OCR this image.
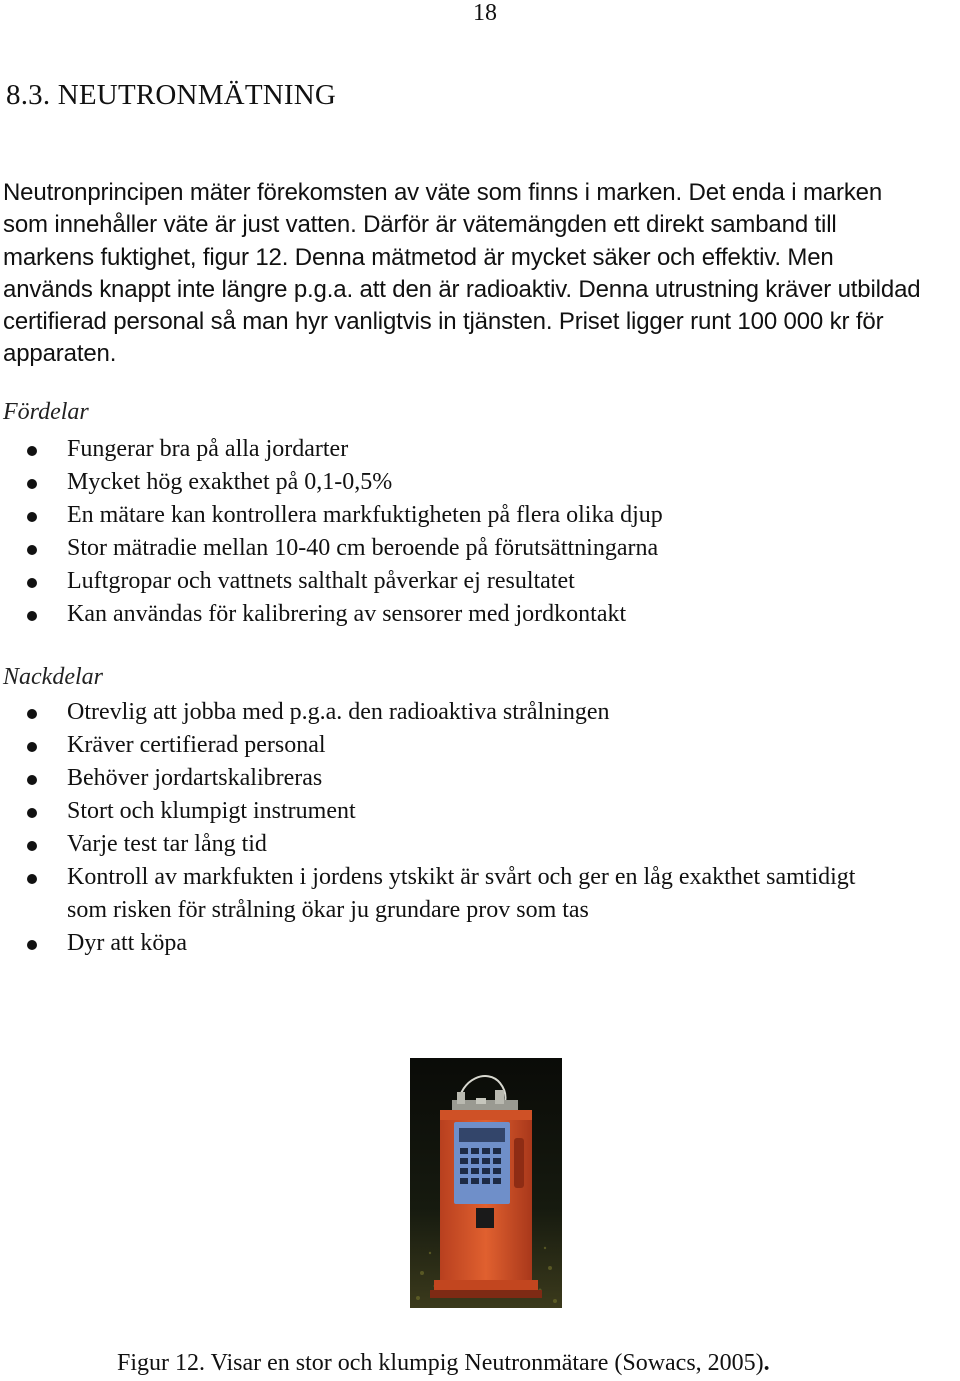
18
8.3. NEUTRONMÄTNING

Neutronprincipen mäter förekomsten av väte som finns i marken. Det enda i marken
som innehåller väte är just vatten. Därför är vätemängden ett direkt samband till
markens fuktighet, figur 12. Denna mätmetod är mycket säker och effektiv. Men
används knappt inte längre p.g.a. att den är radioaktiv. Denna utrustning kräver utbildad
certifierad personal så man hyr vanligtvis in tjänsten. Priset ligger runt 100 000 kr för
apparaten.

Fördelar
Fungerar bra på alla jordarter
Mycket hög exakthet på 0,1-0,5%
En mätare kan kontrollera markfuktigheten på flera olika djup
Stor mätradie mellan 10-40 cm beroende på förutsättningarna
Luftgropar och vattnets salthalt påverkar ej resultatet
Kan användas för kalibrering av sensorer med jordkontakt
Nackdelar
Otrevlig att jobba med p.g.a. den radioaktiva strålningen
Kräver certifierad personal
Behöver jordartskalibreras
Stort och klumpigt instrument
Varje test tar lång tid
Kontroll av markfukten i jordens ytskikt är svårt och ger en låg exakthet samtidigt
som risken för strålning ökar ju grundare prov som tas
Dyr att köpa
Figur 12. Visar en stor och klumpig Neutronmätare (Sowacs, 2005).
